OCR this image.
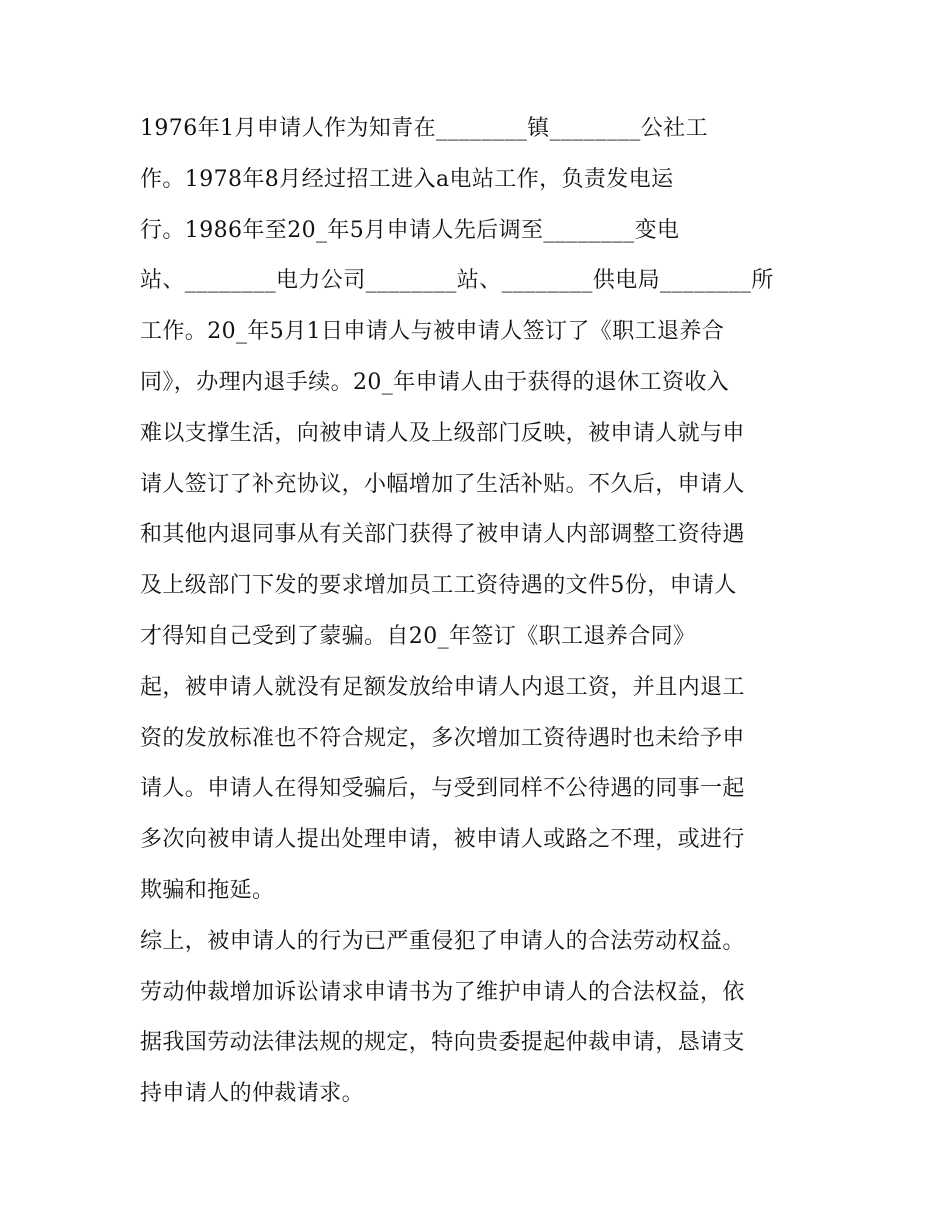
1976年1月申请人作为知青在________镇________公社工
作。1978年8月经过招工进入a电站工作，负责发电运
行。1986年至20_年5月申请人先后调至________变电
站、________电力公司________站、________供电局________所
工作。20_年5月1日申请人与被申请人签订了《职工退养合
同》，办理内退手续。20_年申请人由于获得的退休工资收入
难以支撑生活，向被申请人及上级部门反映，被申请人就与申
请人签订了补充协议，小幅增加了生活补贴。不久后，申请人
和其他内退同事从有关部门获得了被申请人内部调整工资待遇
及上级部门下发的要求增加员工工资待遇的文件5份，申请人
才得知自己受到了蒙骗。自20_年签订《职工退养合同》
起，被申请人就没有足额发放给申请人内退工资，并且内退工
资的发放标准也不符合规定，多次增加工资待遇时也未给予申
请人。申请人在得知受骗后，与受到同样不公待遇的同事一起
多次向被申请人提出处理申请，被申请人或路之不理，或进行
欺骗和拖延。
综上，被申请人的行为已严重侵犯了申请人的合法劳动权益。
劳动仲裁增加诉讼请求申请书为了维护申请人的合法权益，依
据我国劳动法律法规的规定，特向贵委提起仲裁申请，恳请支
持申请人的仲裁请求。
